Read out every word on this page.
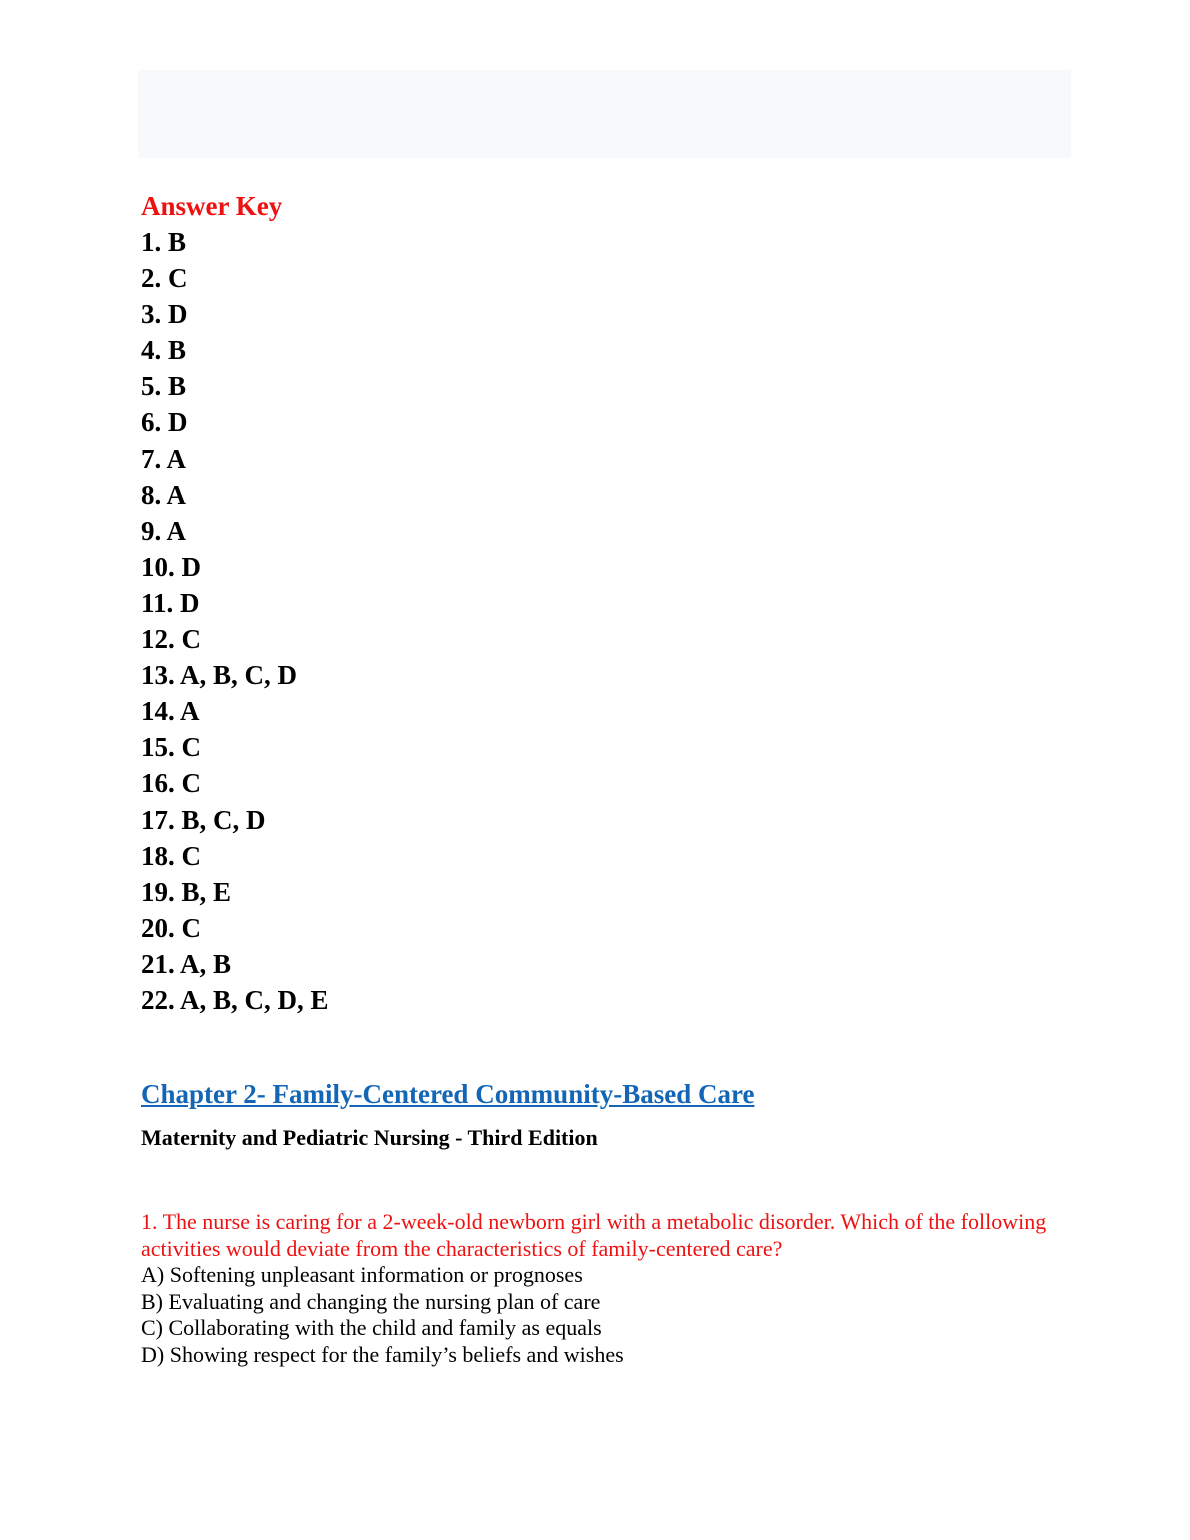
Answer Key
1. B
2. C
3. D
4. B
5. B
6. D
7. A
8. A
9. A
10. D
11. D
12. C
13. A, B, C, D
14. A
15. C
16. C
17. B, C, D
18. C
19. B, E
20. C
21. A, B
22. A, B, C, D, E
Chapter 2- Family-Centered Community-Based Care
Maternity and Pediatric Nursing - Third Edition
1. The nurse is caring for a 2-week-old newborn girl with a metabolic disorder. Which of the following activities would deviate from the characteristics of family-centered care?
A) Softening unpleasant information or prognoses
B) Evaluating and changing the nursing plan of care
C) Collaborating with the child and family as equals
D) Showing respect for the family’s beliefs and wishes
